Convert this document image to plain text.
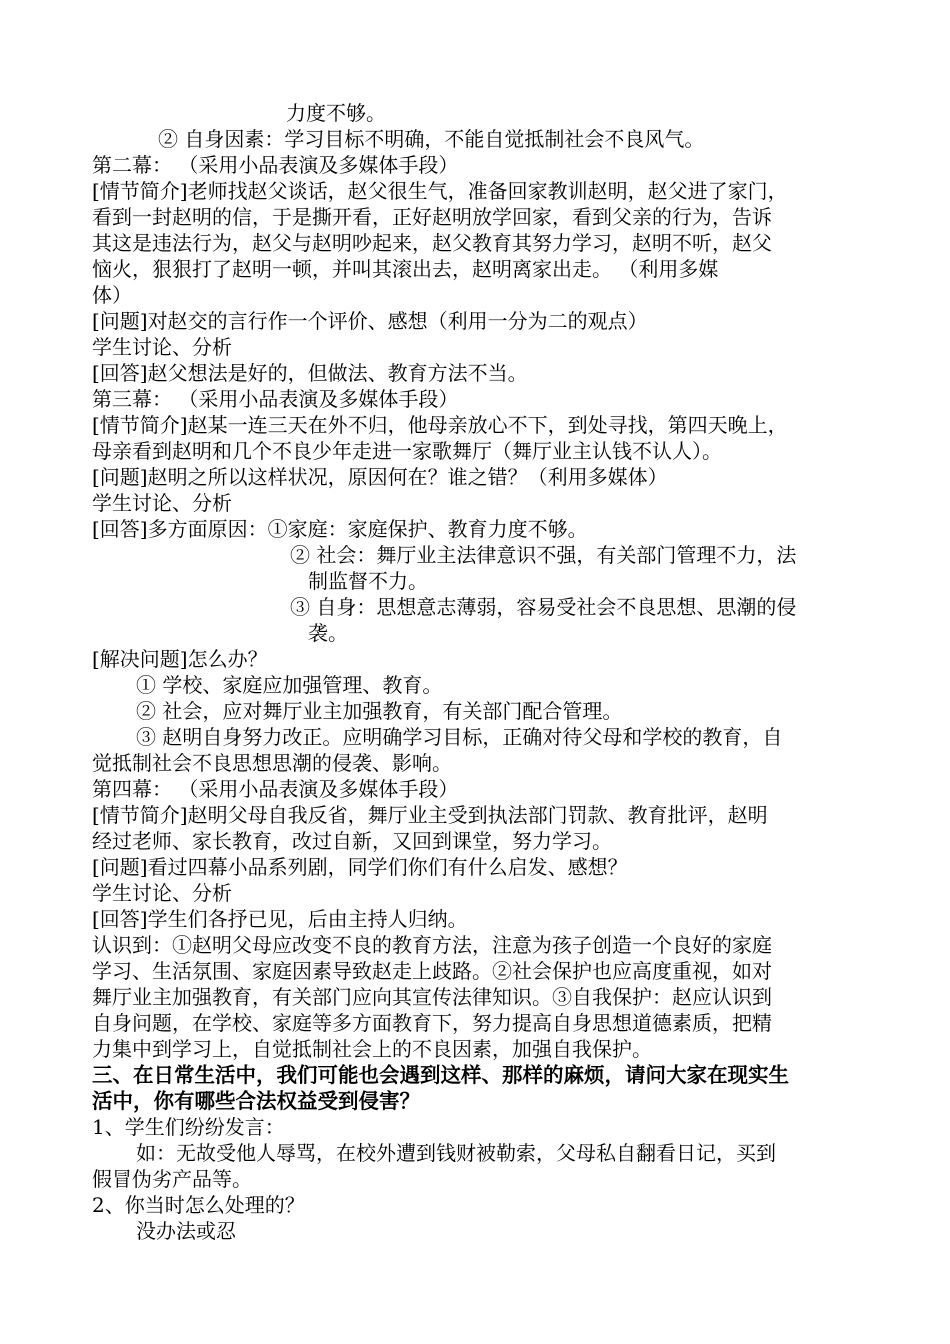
力度不够。

② 自身因素：学习目标不明确，不能自觉抵制社会不良风气。

第二幕： （采用小品表演及多媒体手段）

[情节简介]老师找赵父谈话，赵父很生气，准备回家教训赵明，赵父进了家门，

看到一封赵明的信，于是撕开看，正好赵明放学回家，看到父亲的行为，告诉

其这是违法行为，赵父与赵明吵起来，赵父教育其努力学习，赵明不听，赵父

恼火，狠狠打了赵明一顿，并叫其滚出去，赵明离家出走。 （利用多媒

体）

[问题]对赵交的言行作一个评价、感想（利用一分为二的观点）

学生讨论、分析

[回答]赵父想法是好的，但做法、教育方法不当。

第三幕： （采用小品表演及多媒体手段）

[情节简介]赵某一连三天在外不归，他母亲放心不下，到处寻找，第四天晚上，

母亲看到赵明和几个不良少年走进一家歌舞厅（舞厅业主认钱不认人）。

[问题]赵明之所以这样状况，原因何在？谁之错？（利用多媒体）

学生讨论、分析

[回答]多方面原因：①家庭：家庭保护、教育力度不够。

② 社会：舞厅业主法律意识不强，有关部门管理不力，法

制监督不力。

③ 自身：思想意志薄弱，容易受社会不良思想、思潮的侵

袭。

[解决问题]怎么办？

① 学校、家庭应加强管理、教育。

② 社会，应对舞厅业主加强教育，有关部门配合管理。

③ 赵明自身努力改正。应明确学习目标，正确对待父母和学校的教育，自

觉抵制社会不良思想思潮的侵袭、影响。

第四幕： （采用小品表演及多媒体手段）

[情节简介]赵明父母自我反省，舞厅业主受到执法部门罚款、教育批评，赵明

经过老师、家长教育，改过自新，又回到课堂，努力学习。

[问题]看过四幕小品系列剧，同学们你们有什么启发、感想？

学生讨论、分析

[回答]学生们各抒已见，后由主持人归纳。

认识到：①赵明父母应改变不良的教育方法，注意为孩子创造一个良好的家庭

学习、生活氛围、家庭因素导致赵走上歧路。②社会保护也应高度重视，如对

舞厅业主加强教育，有关部门应向其宣传法律知识。③自我保护：赵应认识到

自身问题，在学校、家庭等多方面教育下，努力提高自身思想道德素质，把精

力集中到学习上，自觉抵制社会上的不良因素，加强自我保护。

三、在日常生活中，我们可能也会遇到这样、那样的麻烦，请问大家在现实生

活中，你有哪些合法权益受到侵害？

1、学生们纷纷发言：

如：无故受他人辱骂，在校外遭到钱财被勒索，父母私自翻看日记，买到

假冒伪劣产品等。

2、你当时怎么处理的？

没办法或忍
